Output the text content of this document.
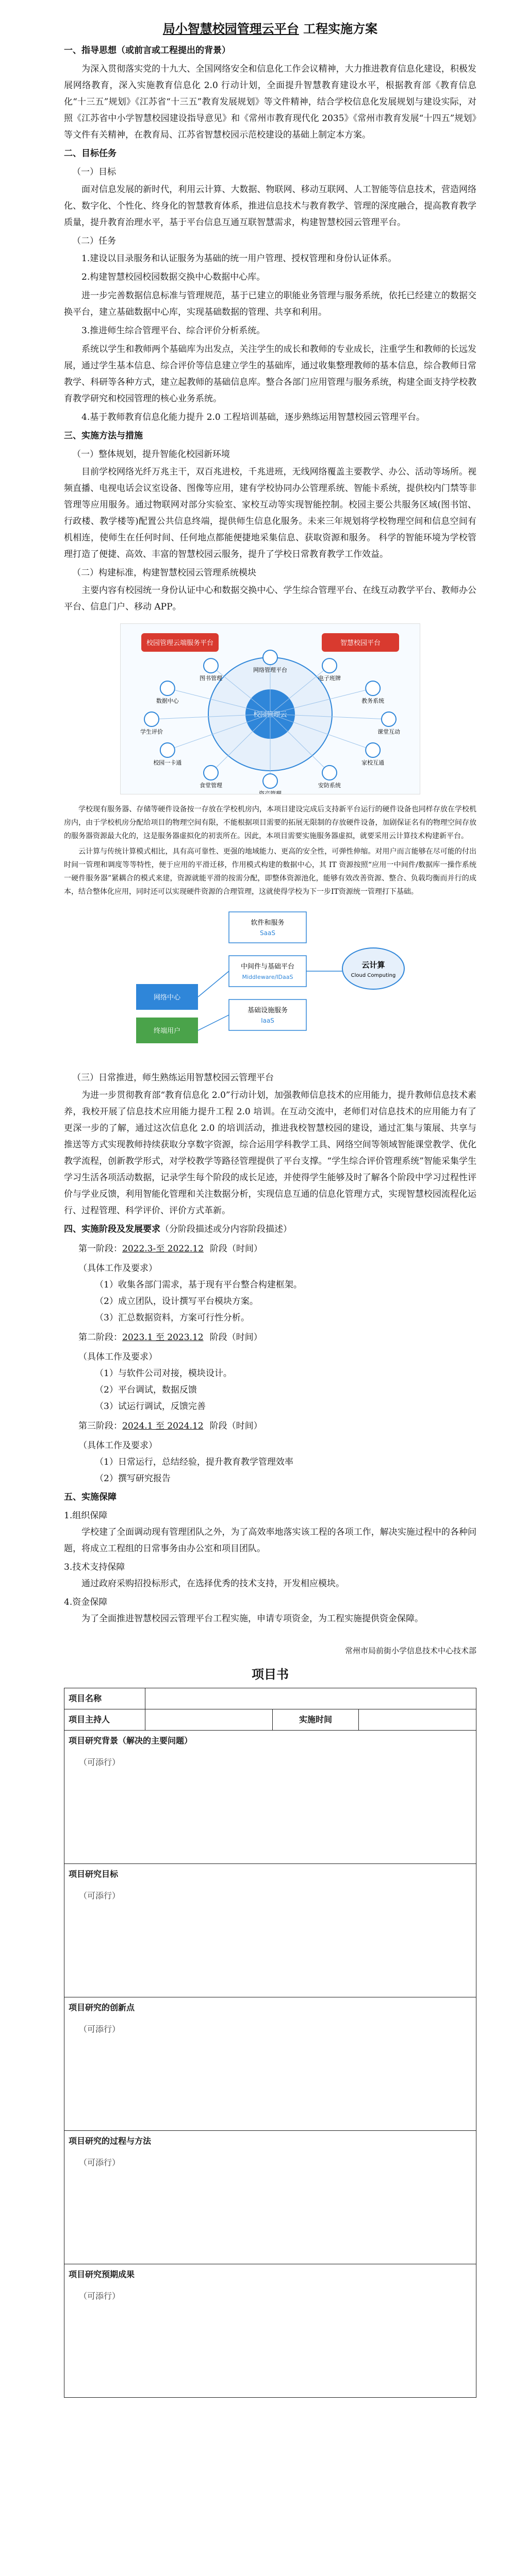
局小智慧校园管理云平台 工程实施方案
一、指导思想（或前言或工程提出的背景）

为深入贯彻落实党的十九大、全国网络安全和信息化工作会议精神，大力推进教育信息化建设，积极发展网络教育，深入实施教育信息化 2.0 行动计划，全面提升智慧教育建设水平，根据教育部《教育信息化“十三五”规划》《江苏省“十三五”教育发展规划》等文件精神，结合学校信息化发展规划与建设实际，对照《江苏省中小学智慧校园建设指导意见》和《常州市教育现代化 2035》《常州市教育发展“十四五”规划》等文件有关精神，在教育局、江苏省智慧校园示范校建设的基础上制定本方案。

二、目标任务
（一）目标

面对信息发展的新时代，利用云计算、大数据、物联网、移动互联网、人工智能等信息技术，营造网络化、数字化、个性化、终身化的智慧教育体系，推进信息技术与教育教学、管理的深度融合，提高教育教学质量，提升教育治理水平，基于平台信息互通互联智慧需求，构建智慧校园云管理平台。

（二）任务

1.建设以目录服务和认证服务为基础的统一用户管理、授权管理和身份认证体系。

2.构建智慧校园校园数据交换中心数据中心库。

进一步完善数据信息标准与管理规范，基于已建立的职能业务管理与服务系统，依托已经建立的数据交换平台，建立基础数据中心库，实现基础数据的管理、共享和利用。

3.推进师生综合管理平台、综合评价分析系统。

系统以学生和教师两个基础库为出发点，关注学生的成长和教师的专业成长，注重学生和教师的长远发展，通过学生基本信息、综合评价等信息建立学生的基础库，通过收集整理教师的基本信息，综合教师日常教学、科研等各种方式，建立起教师的基础信息库。整合各部门应用管理与服务系统，构建全面支持学校教育教学研究和校园管理的核心业务系统。

4.基于教师教育信息化能力提升 2.0 工程培训基础，逐步熟练运用智慧校园云管理平台。

三、实施方法与措施
（一）整体规划，提升智能化校园新环境

目前学校网络光纤万兆主干，双百兆进校，千兆进班，无线网络覆盖主要教学、办公、活动等场所。视频直播、电视电话会议室设备、图像等应用，建有学校协同办公管理系统、智能卡系统，提供校内门禁等非管理等应用服务。通过物联网对部分实验室、家校互动等实现智能控制。校园主要公共服务区域(图书馆、行政楼、教学楼等)配置公共信息终端，提供师生信息化服务。未来三年规划将学校物理空间和信息空间有机相连，使师生在任何时间、任何地点都能便捷地采集信息、获取资源和服务。 科学的智能环境为学校管理打造了便捷、高效、丰富的智慧校园云服务，提升了学校日常教育教学工作效益。

（二）构建标准，构建智慧校园云管理系统模块

主要内容有校园统一身份认证中心和数据交换中心、学生综合管理平台、在线互动教学平台、教师办公平台、信息门户、移动 APP。

校园管理云端服务平台	智慧校园平台
网络管理平台
电子班牌
教务系统
课堂互动
家校互通
安防系统
资产管理
食堂管理
校园一卡通
学生评价
数据中心
图书管理

学校现有服务器、存储等硬件设备按一存放在学校机房内，本项目建设完成后支持新平台运行的硬件设备也同样存放在学校机房内，由于学校机房分配给项目的物理空间有限，不能根据项目需要的拓展无限制的存放硬件设备，加剧保证名有的物理空间存放的服务器资源最大化的，这是服务器虚拟化的初衷所在。因此，本项目需要实施服务器虚拟，就要采用云计算技术构建新平台。

云计算与传统计算模式相比，具有高可靠性、更强的地域能力、更高的安全性，可弹性伸缩。对用户而言能够在尽可能的付出时间一管理和调度等等特性，便于应用的平滑迁移，作用模式构建的数据中心，其 IT 资源按照“应用一中间件/数据库一操作系统一硬件服务器”紧耦合的模式来建，资源就能平滑的按需分配，即整体资源池化，能够有效改善资源、整合、负载均衡而并行的成本，结合整体化应用，同时还可以实现硬件资源的合理管理，这就使得学校为下一步IT资源统一管理打下基础。

软件和服务
SaaS
中间件与基础平台
Middleware/IDaaS
基础设施服务
IaaS
网络中心
终端用户
云计算
Cloud Computing
（三）日常推进，师生熟练运用智慧校园云管理平台

为进一步贯彻教育部“教育信息化 2.0”行动计划，加强教师信息技术的应用能力，提升教师信息技术素养，我校开展了信息技术应用能力提升工程 2.0 培训。在互动交流中，老师们对信息技术的应用能力有了更深一步的了解，通过这次信息化 2.0 的培训活动，推进我校智慧校园的建设，通过汇集与策展、共享与推送等方式实现教师持续获取分享数字资源，综合运用学科教学工具、网络空间等领域智能课堂教学、优化教学流程，创新教学形式，对学校教学等路径管理提供了平台支撑。“学生综合评价管理系统”智能采集学生学习生活各项活动数据，记录学生每个阶段的成长足迹，并使得学生能够及时了解各个阶段中学习过程性评价与学业反馈，利用智能化管理和关注数据分析，实现信息互通的信息化管理方式，实现智慧校园流程化运行、过程管理、科学评价、评价方式革新。

四、实施阶段及发展要求（分阶段描述或分内容阶段描述）
第一阶段：2022.3-至 2022.12 阶段（时间）
（具体工作及要求）
（1）收集各部门需求，基于现有平台整合构建框架。
（2）成立团队，设计撰写平台模块方案。
（3）汇总数据资料，方案可行性分析。
第二阶段：2023.1 至 2023.12 阶段（时间）
（具体工作及要求）
（1）与软件公司对接，模块设计。
（2）平台调试，数据反馈
（3）试运行调试，反馈完善
第三阶段：2024.1 至 2024.12 阶段（时间）
（具体工作及要求）
（1）日常运行，总结经验，提升教育教学管理效率
（2）撰写研究报告
五、实施保障
1.组织保障

学校建了全面调动现有管理团队之外，为了高效率地落实该工程的各项工作，解决实施过程中的各种问题，将成立工程组的日常事务由办公室和项目团队。

3.技术支持保障

通过政府采购招投标形式，在选择优秀的技术支持，开发相应模块。

4.资金保障

为了全面推进智慧校园云管理平台工程实施，申请专项资金，为工程实施提供资金保障。

常州市局前街小学信息技术中心技术部
项目书
项目名称			
项目主持人		实施时间	

项目研究背景（解决的主要问题）
（可添行）			

项目研究目标
（可添行）			

项目研究的创新点
（可添行）			

项目研究的过程与方法
（可添行）			

项目研究预期成果
（可添行）			
